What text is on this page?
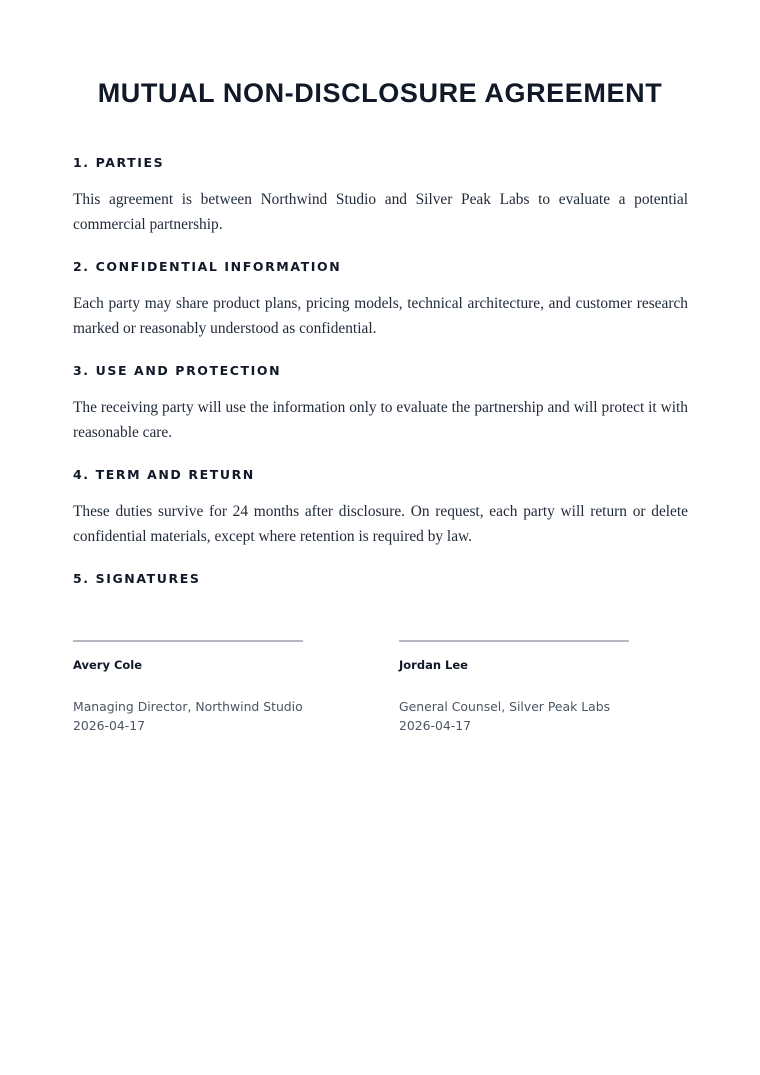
MUTUAL NON-DISCLOSURE AGREEMENT
1. PARTIES

This agreement is between Northwind Studio and Silver Peak Labs to evaluate a potential commercial partnership.

2. CONFIDENTIAL INFORMATION

Each party may share product plans, pricing models, technical architecture, and customer research marked or reasonably understood as confidential.

3. USE AND PROTECTION

The receiving party will use the information only to evaluate the partnership and will protect it with reasonable care.

4. TERM AND RETURN

These duties survive for 24 months after disclosure. On request, each party will return or delete confidential materials, except where retention is required by law.

5. SIGNATURES
Avery Cole
Managing Director, Northwind Studio
2026-04-17
Jordan Lee
General Counsel, Silver Peak Labs
2026-04-17
